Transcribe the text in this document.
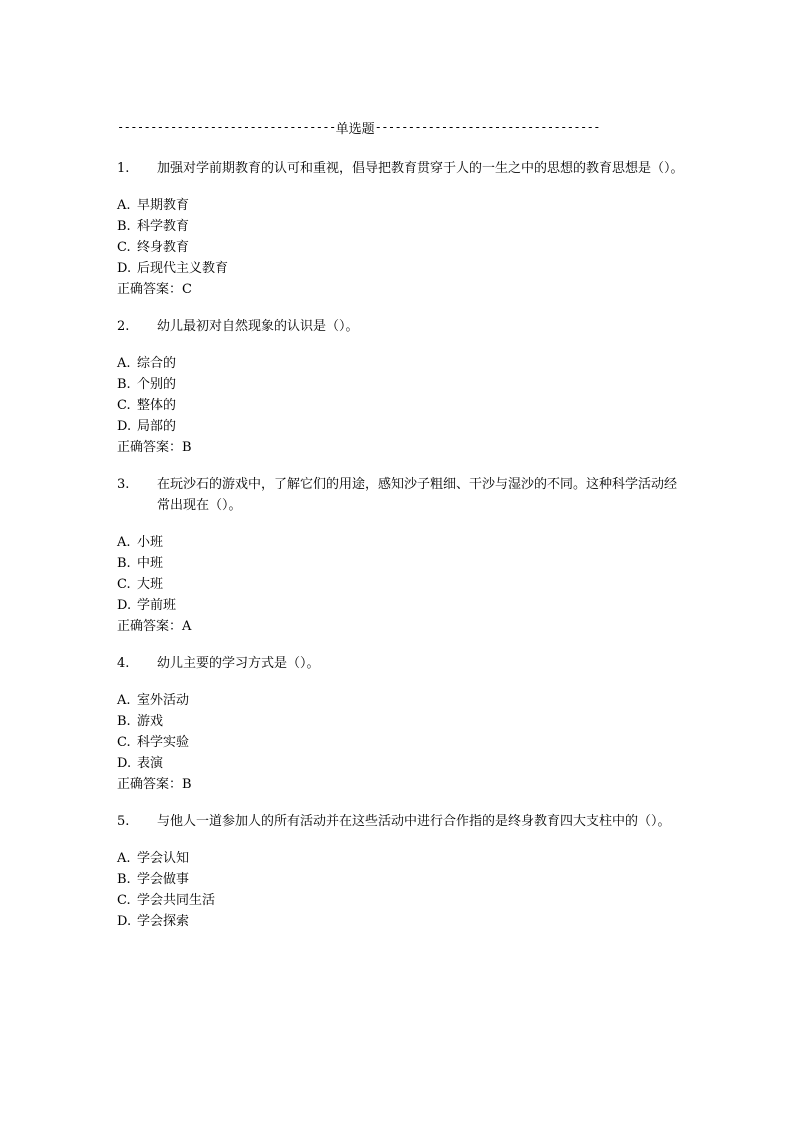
--------------------------------- 单选题 ----------------------------------
1.	加强对学前期教育的认可和重视，倡导把教育贯穿于人的一生之中的思想的教育思想是（）。
A. 早期教育
B. 科学教育
C. 终身教育
D. 后现代主义教育
正确答案：C
2.	幼儿最初对自然现象的认识是（）。
A. 综合的
B. 个别的
C. 整体的
D. 局部的
正确答案：B
3.	在玩沙石的游戏中，了解它们的用途，感知沙子粗细、干沙与湿沙的不同。这种科学活动经常出现在（）。
A. 小班
B. 中班
C. 大班
D. 学前班
正确答案：A
4.	幼儿主要的学习方式是（）。
A. 室外活动
B. 游戏
C. 科学实验
D. 表演
正确答案：B
5.	与他人一道参加人的所有活动并在这些活动中进行合作指的是终身教育四大支柱中的（）。
A. 学会认知
B. 学会做事
C. 学会共同生活
D. 学会探索
